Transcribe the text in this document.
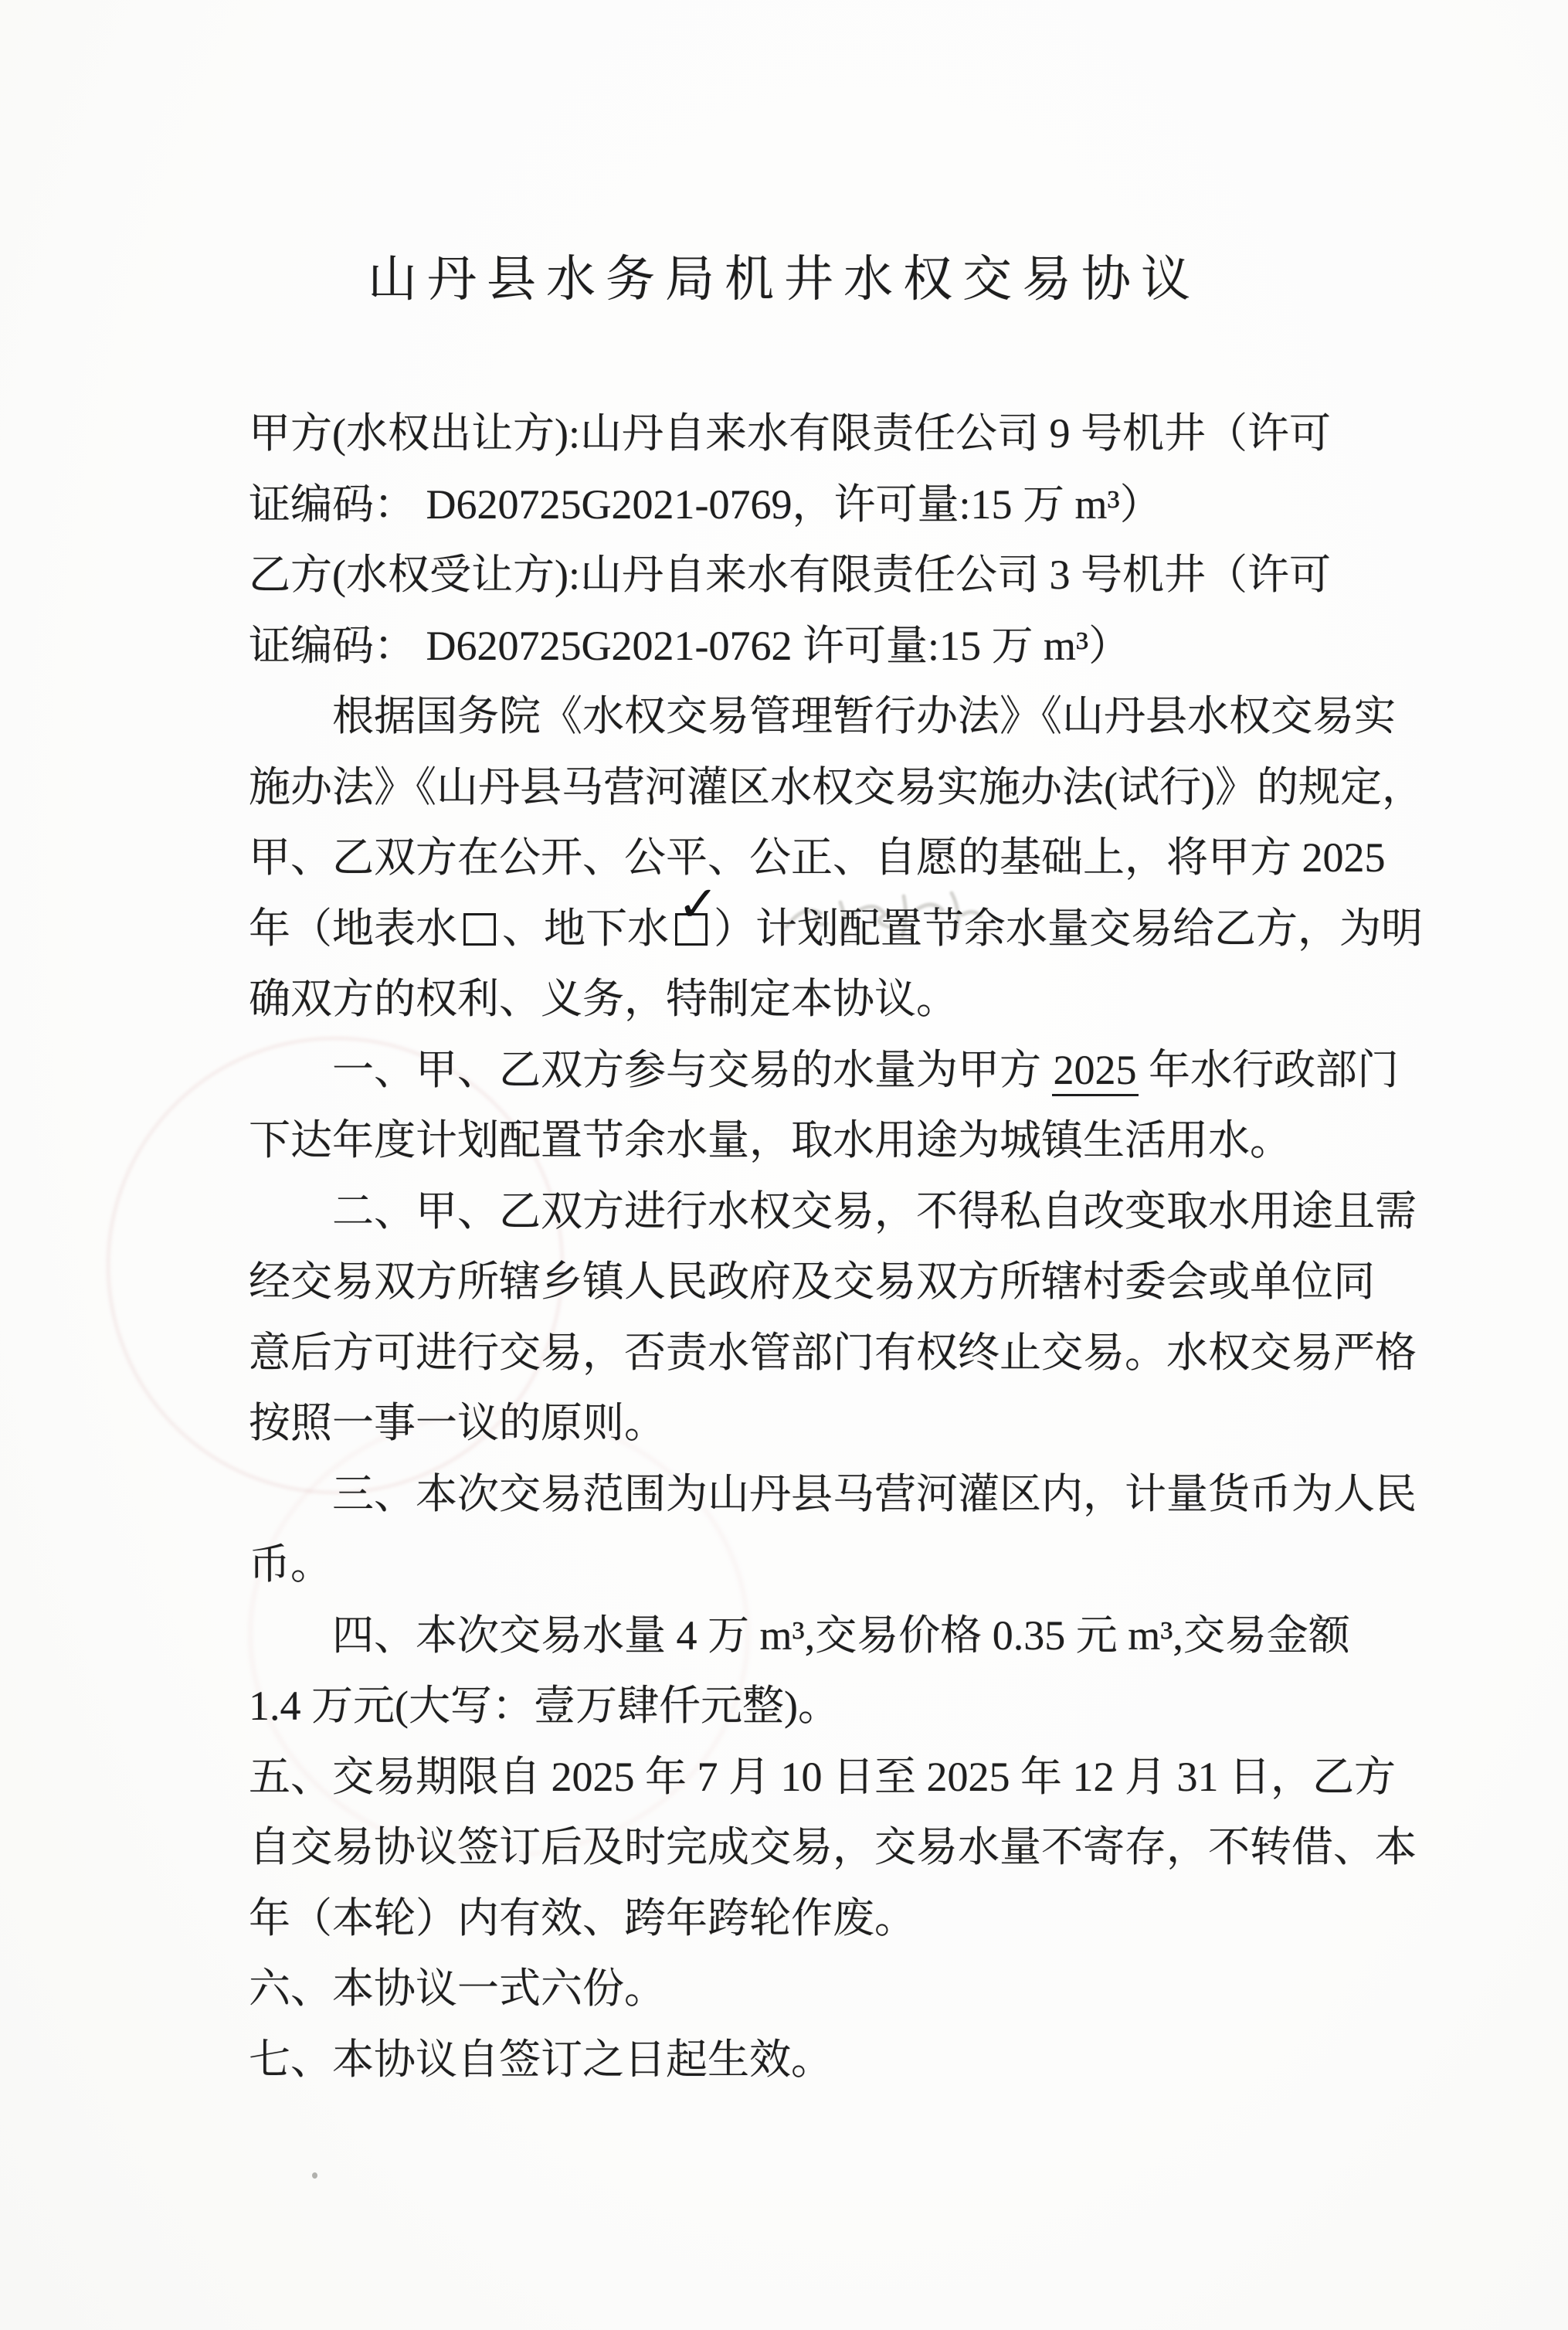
山丹县水务局机井水权交易协议
甲方(水权出让方):山丹自来水有限责任公司 9 号机井（许可
证编码： D620725G2021-0769，许可量:15 万 m³）
乙方(水权受让方):山丹自来水有限责任公司 3 号机井（许可
证编码： D620725G2021-0762 许可量:15 万 m³）
根据国务院《水权交易管理暂行办法》《山丹县水权交易实
施办法》《山丹县马营河灌区水权交易实施办法(试行)》的规定，
甲、乙双方在公开、公平、公正、自愿的基础上，将甲方 2025
年（地表水 、地下水 ✓
）计划配置节余水量交易给乙方，为明
确双方的权利、义务，特制定本协议。
一、甲、乙双方参与交易的水量为甲方 2025 年水行政部门
下达年度计划配置节余水量，取水用途为城镇生活用水。
二、甲、乙双方进行水权交易，不得私自改变取水用途且需
经交易双方所辖乡镇人民政府及交易双方所辖村委会或单位同
意后方可进行交易，否责水管部门有权终止交易。水权交易严格
按照一事一议的原则。
三、本次交易范围为山丹县马营河灌区内，计量货币为人民
币。
四、本次交易水量 4 万 m³,交易价格 0.35 元 m³,交易金额
1.4 万元(大写：壹万肆仟元整)。
五、交易期限自 2025 年 7 月 10 日至 2025 年 12 月 31 日，乙方
自交易协议签订后及时完成交易，交易水量不寄存，不转借、本
年（本轮）内有效、跨年跨轮作废。
六、本协议一式六份。
七、本协议自签订之日起生效。
